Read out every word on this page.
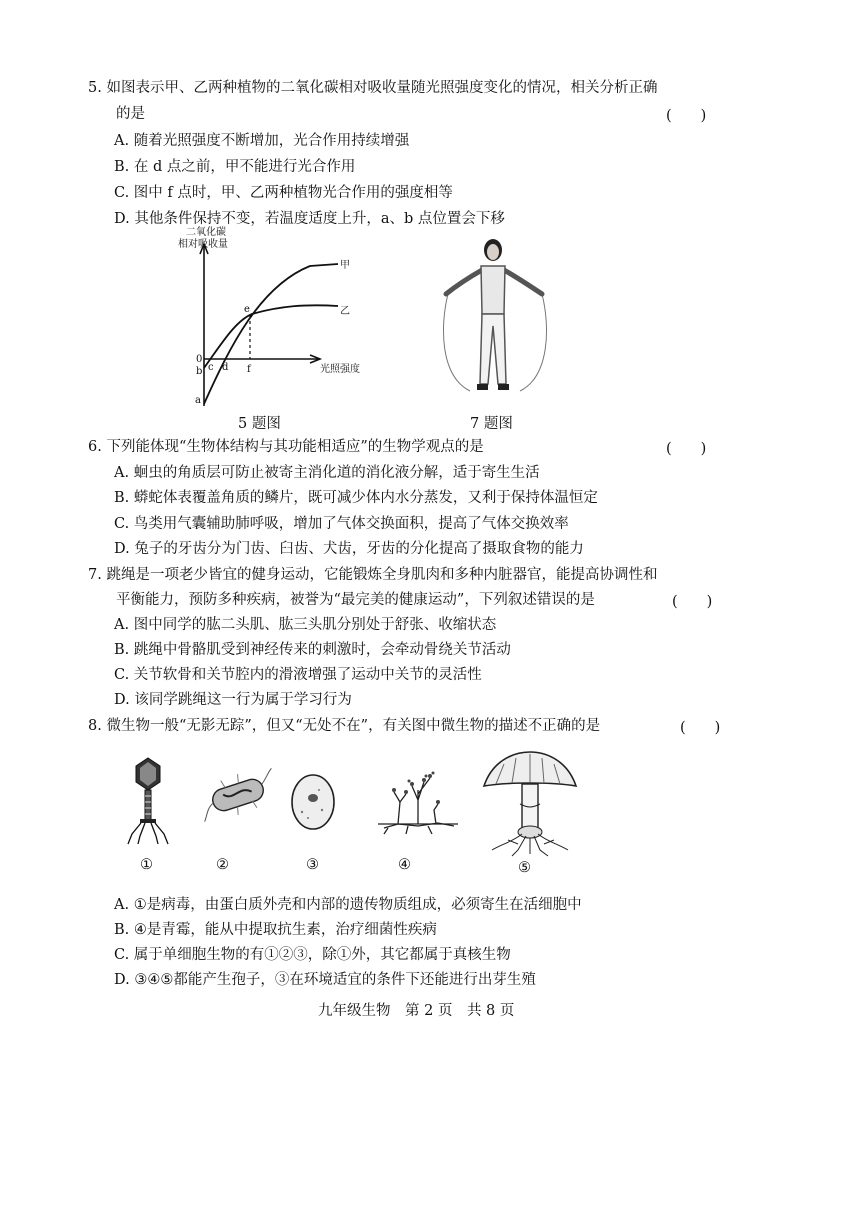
5. 如图表示甲、乙两种植物的二氧化碳相对吸收量随光照强度变化的情况，相关分析正确
的是	(　　)
A. 随着光照强度不断增加，光合作用持续增强
B. 在 d 点之前，甲不能进行光合作用
C. 图中 f 点时，甲、乙两种植物光合作用的强度相等
D. 其他条件保持不变，若温度适度上升，a、b 点位置会下移
二氧化碳
相对吸收量
光照强度
甲
乙
0
a
b c d
e
f
5 题图	7 题图
6. 下列能体现“生物体结构与其功能相适应”的生物学观点的是	(　　)
A. 蛔虫的角质层可防止被寄主消化道的消化液分解，适于寄生生活
B. 蟒蛇体表覆盖角质的鳞片，既可减少体内水分蒸发，又利于保持体温恒定
C. 鸟类用气囊辅助肺呼吸，增加了气体交换面积，提高了气体交换效率
D. 兔子的牙齿分为门齿、臼齿、犬齿，牙齿的分化提高了摄取食物的能力
7. 跳绳是一项老少皆宜的健身运动，它能锻炼全身肌肉和多种内脏器官，能提高协调性和
平衡能力，预防多种疾病，被誉为“最完美的健康运动”，下列叙述错误的是	(　　)
A. 图中同学的肱二头肌、肱三头肌分别处于舒张、收缩状态
B. 跳绳中骨骼肌受到神经传来的刺激时，会牵动骨绕关节活动
C. 关节软骨和关节腔内的滑液增强了运动中关节的灵活性
D. 该同学跳绳这一行为属于学习行为
8. 微生物一般“无影无踪”，但又“无处不在”，有关图中微生物的描述不正确的是	(　　)
①	②	③	④	⑤
A. ①是病毒，由蛋白质外壳和内部的遗传物质组成，必须寄生在活细胞中
B. ④是青霉，能从中提取抗生素，治疗细菌性疾病
C. 属于单细胞生物的有①②③，除①外，其它都属于真核生物
D. ③④⑤都能产生孢子，③在环境适宜的条件下还能进行出芽生殖
九年级生物　第 2 页　共 8 页
